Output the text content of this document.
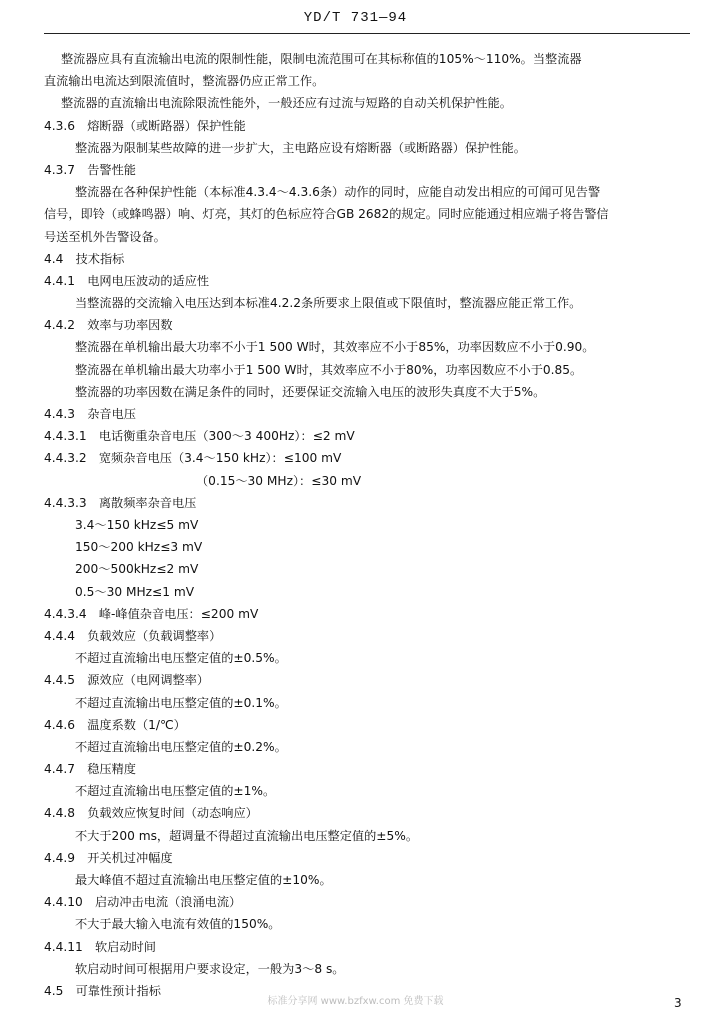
YD/T 731—94
整流器应具有直流输出电流的限制性能，限制电流范围可在其标称值的105%～110%。当整流器
直流输出电流达到限流值时，整流器仍应正常工作。
整流器的直流输出电流除限流性能外，一般还应有过流与短路的自动关机保护性能。
4.3.6　熔断器（或断路器）保护性能
整流器为限制某些故障的进一步扩大，主电路应设有熔断器（或断路器）保护性能。
4.3.7　告警性能
整流器在各种保护性能（本标准4.3.4～4.3.6条）动作的同时，应能自动发出相应的可闻可见告警
信号，即铃（或蜂鸣器）响、灯亮，其灯的色标应符合GB 2682的规定。同时应能通过相应端子将告警信
号送至机外告警设备。
4.4　技术指标
4.4.1　电网电压波动的适应性
当整流器的交流输入电压达到本标准4.2.2条所要求上限值或下限值时，整流器应能正常工作。
4.4.2　效率与功率因数
整流器在单机输出最大功率不小于1 500 W时，其效率应不小于85%，功率因数应不小于0.90。
整流器在单机输出最大功率小于1 500 W时，其效率应不小于80%，功率因数应不小于0.85。
整流器的功率因数在满足条件的同时，还要保证交流输入电压的波形失真度不大于5%。
4.4.3　杂音电压
4.4.3.1　电话衡重杂音电压（300～3 400Hz）：≤2 mV
4.4.3.2　宽频杂音电压（3.4～150 kHz）：≤100 mV
（0.15～30 MHz）：≤30 mV
4.4.3.3　离散频率杂音电压
3.4～150 kHz≤5 mV
150～200 kHz≤3 mV
200～500kHz≤2 mV
0.5～30 MHz≤1 mV
4.4.3.4　峰-峰值杂音电压：≤200 mV
4.4.4　负载效应（负载调整率）
不超过直流输出电压整定值的±0.5%。
4.4.5　源效应（电网调整率）
不超过直流输出电压整定值的±0.1%。
4.4.6　温度系数（1/℃）
不超过直流输出电压整定值的±0.2%。
4.4.7　稳压精度
不超过直流输出电压整定值的±1%。
4.4.8　负载效应恢复时间（动态响应）
不大于200 ms，超调量不得超过直流输出电压整定值的±5%。
4.4.9　开关机过冲幅度
最大峰值不超过直流输出电压整定值的±10%。
4.4.10　启动冲击电流（浪涌电流）
标准分享网 www.bzfxw.com 免费下载	3
不大于最大输入电流有效值的150%。
4.4.11　软启动时间
软启动时间可根据用户要求设定，一般为3～8 s。
4.5　可靠性预计指标
